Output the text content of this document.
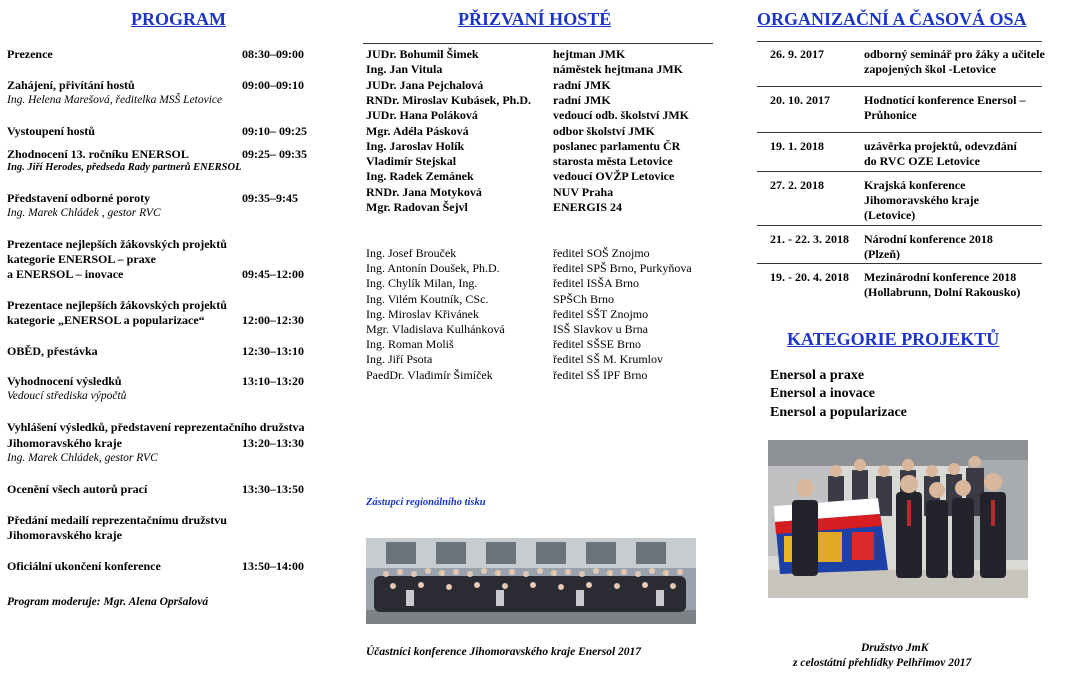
PROGRAM
Prezence	08:30–09:00
Zahájení, přivítání hostů	09:00–09:10
Ing. Helena Marešová, ředitelka MSŠ Letovice
Vystoupení hostů	09:10– 09:25
Zhodnocení 13. ročníku ENERSOL	09:25– 09:35
Ing. Jiří Herodes, předseda Rady partnerů ENERSOL
Představení odborné poroty	09:35–9:45
Ing. Marek Chládek , gestor RVC
Prezentace nejlepších žákovských projektů
kategorie ENERSOL – praxe
a ENERSOL – inovace	09:45–12:00
Prezentace nejlepších žákovských projektů
kategorie „ENERSOL a popularizace“	12:00–12:30
OBĚD, přestávka	12:30–13:10
Vyhodnocení výsledků	13:10–13:20
Vedoucí střediska výpočtů
Vyhlášení výsledků, představení reprezentačního družstva
Jihomoravského kraje	13:20–13:30
Ing. Marek Chládek, gestor RVC
Ocenění všech autorů prací	13:30–13:50
Předání medailí reprezentačnímu družstvu
Jihomoravského kraje
Oficiální ukončení konference	13:50–14:00
Program moderuje: Mgr. Alena Opršalová
PŘIZVANÍ HOSTÉ
JUDr. Bohumil Šimek	hejtman JMK
Ing. Jan Vitula	náměstek hejtmana JMK
JUDr. Jana Pejchalová	radní JMK
RNDr. Miroslav Kubásek, Ph.D. radní JMK
JUDr. Hana Poláková	vedoucí odb. školství JMK
Mgr. Adéla Pásková	odbor školství JMK
Ing. Jaroslav Holík	poslanec parlamentu ČR
Vladimír Stejskal	starosta města Letovice
Ing. Radek Zemánek	vedoucí OVŽP Letovice
RNDr. Jana Motyková	NUV Praha
Mgr. Radovan Šejvl	ENERGIS 24
Ing. Josef Brouček	ředitel SOŠ Znojmo
Ing. Antonín Doušek, Ph.D.	ředitel SPŠ Brno, Purkyňova
Ing. Chylík Milan, Ing.	ředitel ISŠA Brno
Ing. Vilém Koutník, CSc.	SPŠCh Brno
Ing. Miroslav Křivánek	ředitel SŠT Znojmo
Mgr. Vladislava Kulhánková	ISŠ Slavkov u Brna
Ing. Roman Moliš	ředitel SŠSE Brno
Ing. Jiří Psota	ředitel SŠ M. Krumlov
PaedDr. Vladimír Šimíček	ředitel SŠ IPF Brno
Zástupci regionálního tisku
Účastníci konference Jihomoravského kraje Enersol 2017
ORGANIZAČNÍ A ČASOVÁ OSA
26. 9. 2017	odborný seminář pro žáky a učitele
zapojených škol -Letovice
20. 10. 2017	Hodnotící konference Enersol –
Průhonice
19. 1. 2018	uzávěrka projektů, odevzdání
do RVC OZE Letovice
27. 2. 2018	Krajská konference
Jihomoravského kraje
(Letovice)
21. - 22. 3. 2018 Národní konference 2018
(Plzeň)
19. - 20. 4. 2018 Mezinárodní konference 2018
(Hollabrunn, Dolní Rakousko)
KATEGORIE PROJEKTŮ
Enersol a praxe
Enersol a inovace
Enersol a popularizace
Družstvo JmK
z celostátní přehlídky Pelhřimov 2017
